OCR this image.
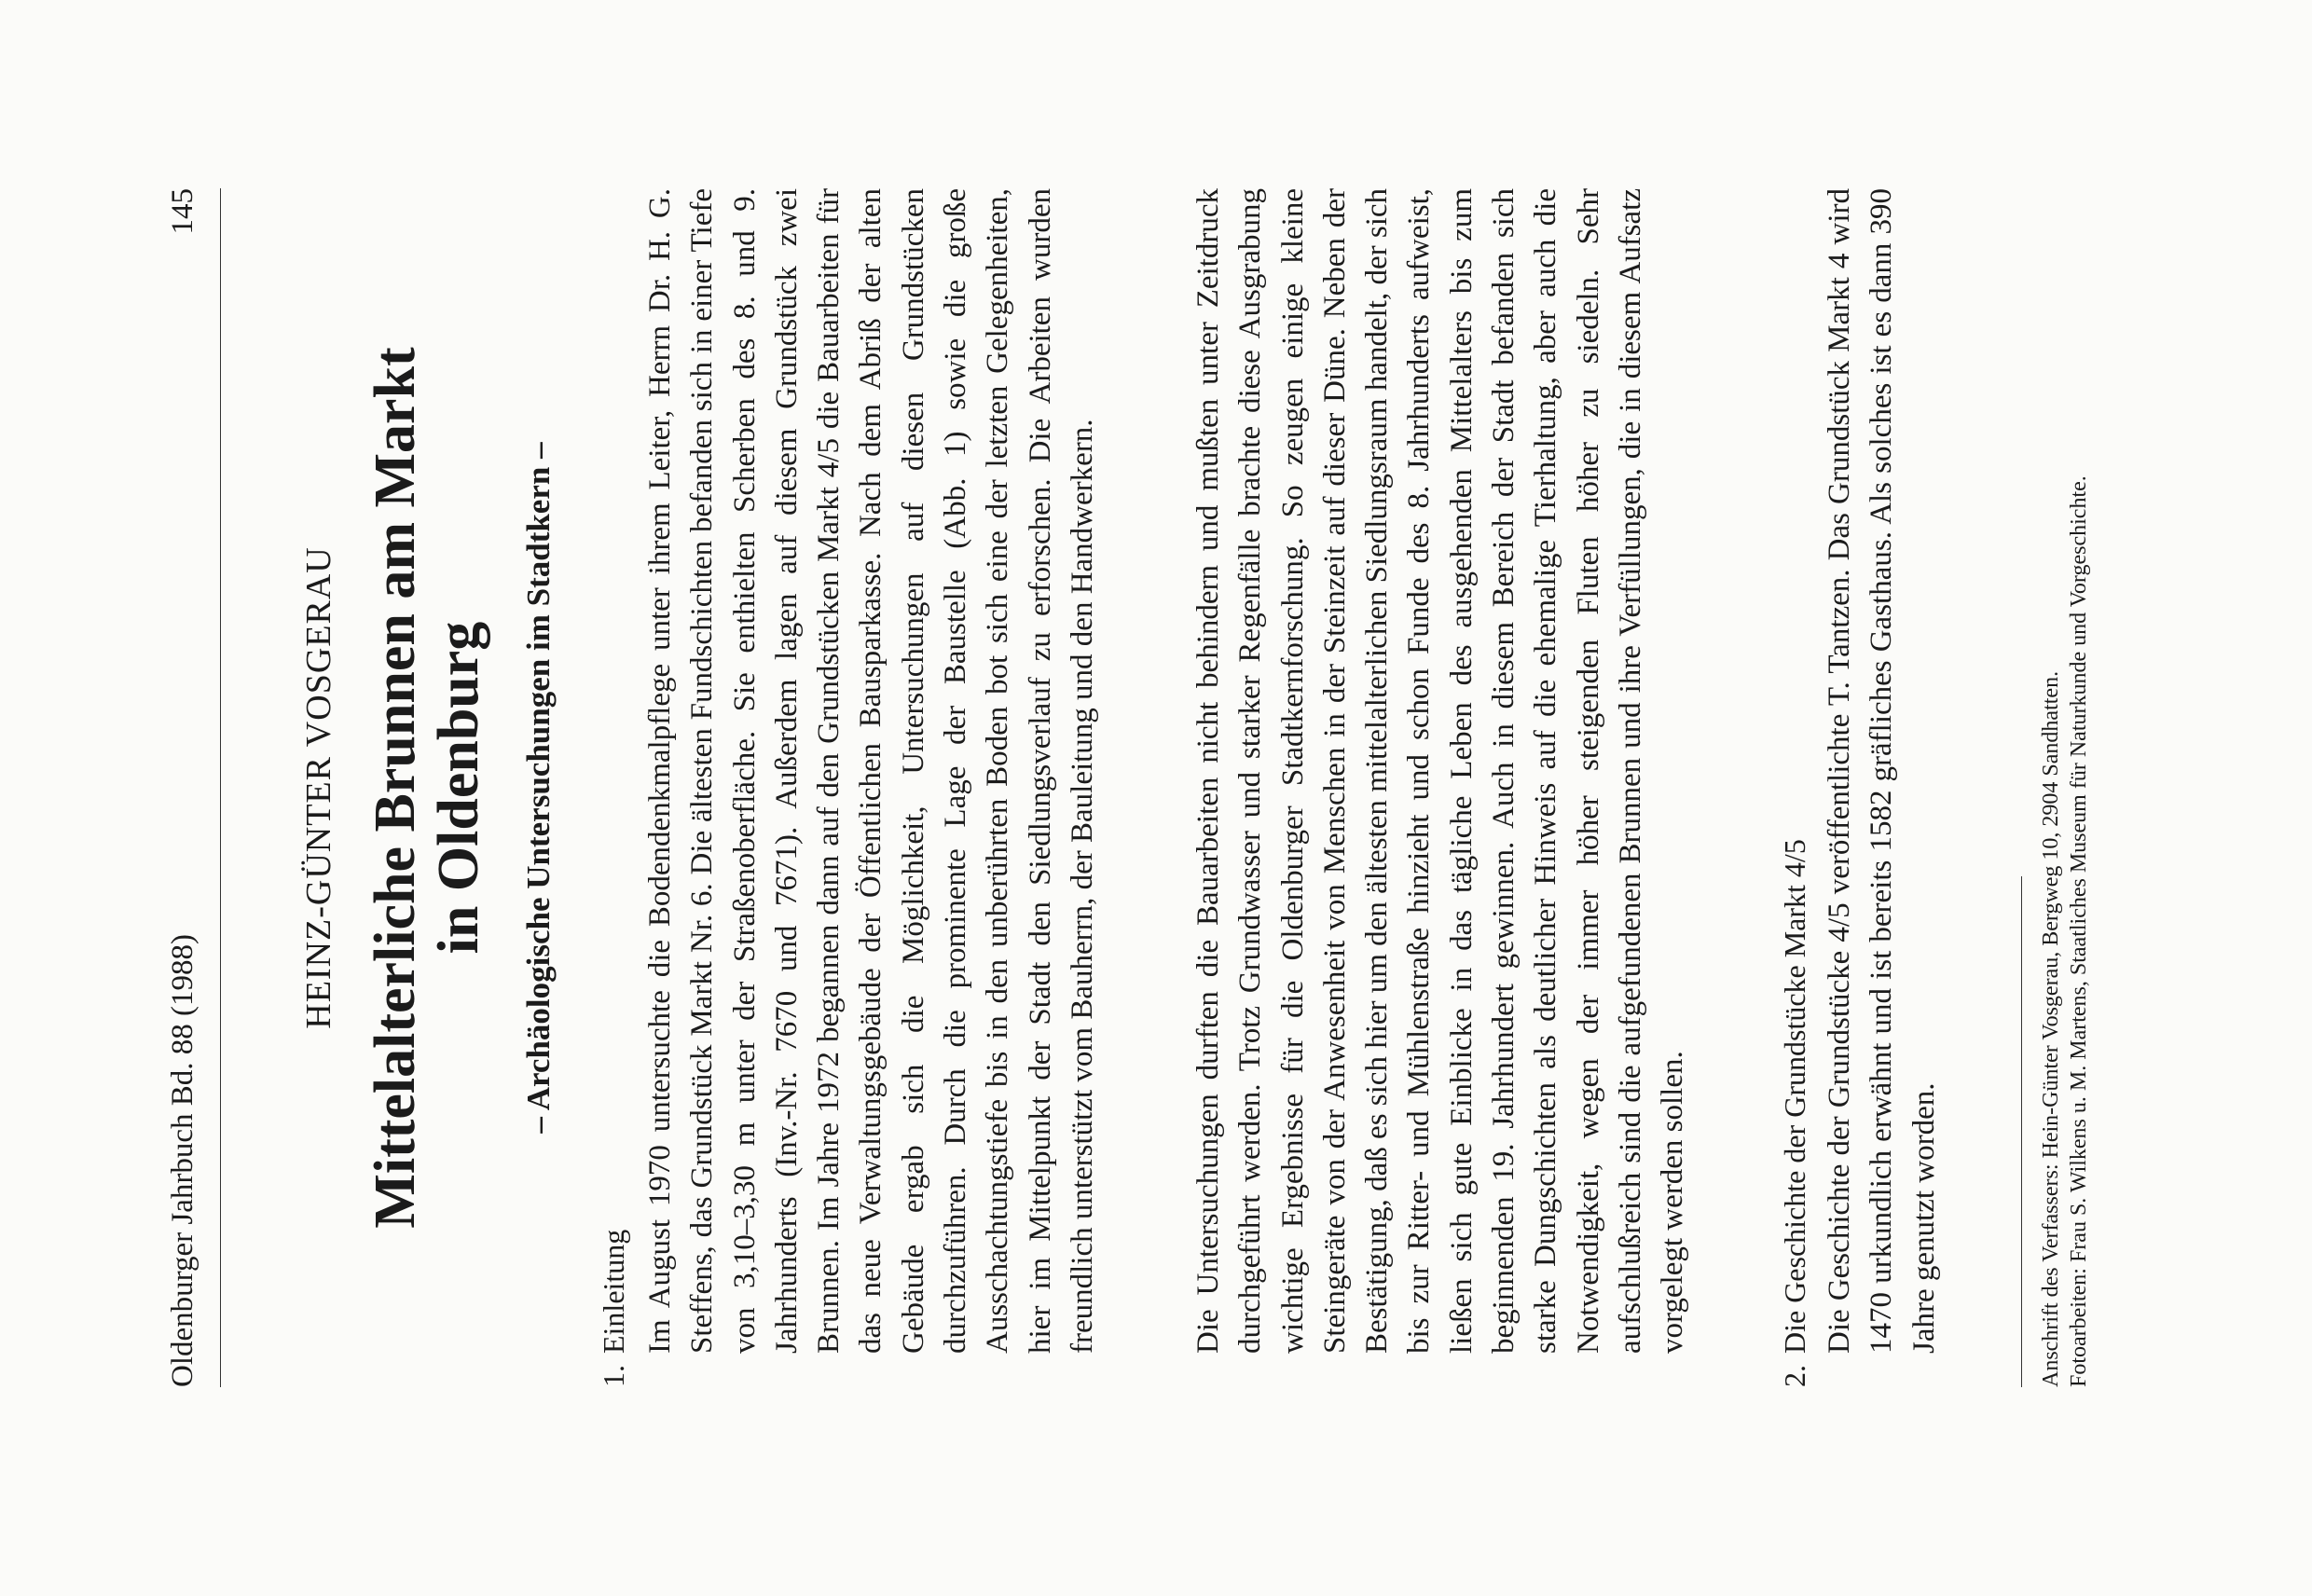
Oldenburger Jahrbuch Bd. 88 (1988)
145
HEINZ-GÜNTER VOSGERAU Mittelalterliche Brunnen am Markt in Oldenburg – Archäologische Untersuchungen im Stadtkern –
1.
Einleitung Im August 1970 untersuchte die Bodendenkmalpflege unter ihrem Leiter, Herrn Dr. H. G. Steffens, das Grundstück Markt Nr. 6. Die ältesten Fundschichten befanden sich in einer Tiefe von 3,10–3,30 m unter der Straßenoberfläche. Sie enthielten Scherben des 8. und 9. Jahrhunderts (Inv.-Nr. 7670 und 7671). Außerdem lagen auf diesem Grundstück zwei Brunnen. Im Jahre 1972 begannen dann auf den Grundstücken Markt 4/5 die Bauarbeiten für das neue Verwaltungsgebäude der Öffentlichen Bausparkasse. Nach dem Abriß der alten Gebäude ergab sich die Möglichkeit, Untersuchungen auf diesen Grundstücken durchzuführen. Durch die prominente Lage der Baustelle (Abb. 1) sowie die große Ausschachtungstiefe bis in den unberührten Boden bot sich eine der letzten Gelegenheiten, hier im Mittelpunkt der Stadt den Siedlungsverlauf zu erforschen. Die Arbeiten wurden freundlich unterstützt vom Bauherrn, der Bauleitung und den Handwerkern.	Die Untersuchungen durften die Bauarbeiten nicht behindern und mußten unter Zeitdruck durchgeführt werden. Trotz Grundwasser und starker Regenfälle brachte diese Ausgrabung wichtige Ergebnisse für die Oldenburger Stadtkernforschung. So zeugen einige kleine Steingeräte von der Anwesenheit von Menschen in der Steinzeit auf dieser Düne. Neben der Bestätigung, daß es sich hier um den ältesten mittelalterlichen Siedlungsraum handelt, der sich bis zur Ritter- und Mühlenstraße hinzieht und schon Funde des 8. Jahrhunderts aufweist, ließen sich gute Einblicke in das tägliche Leben des ausgehenden Mittelalters bis zum beginnenden 19. Jahrhundert gewinnen. Auch in diesem Bereich der Stadt befanden sich starke Dungschichten als deutlicher Hinweis auf die ehemalige Tierhaltung, aber auch die Notwendigkeit, wegen der immer höher steigenden Fluten höher zu siedeln. Sehr aufschlußreich sind die aufgefundenen Brunnen und ihre Verfüllungen, die in diesem Aufsatz vorgelegt werden sollen.
2.
Die Geschichte der Grundstücke Markt 4/5 Die Geschichte der Grundstücke 4/5 veröffentlichte T. Tantzen. Das Grundstück Markt 4 wird 1470 urkundlich erwähnt und ist bereits 1582 gräfliches Gasthaus. Als solches ist es dann 390 Jahre genutzt worden.	Anschrift des Verfassers: Hein-Günter Vosgerau, Bergweg 10, 2904 Sandhatten. Fotoarbeiten: Frau S. Wilkens u. M. Martens, Staatliches Museum für Naturkunde und Vorgeschichte.
